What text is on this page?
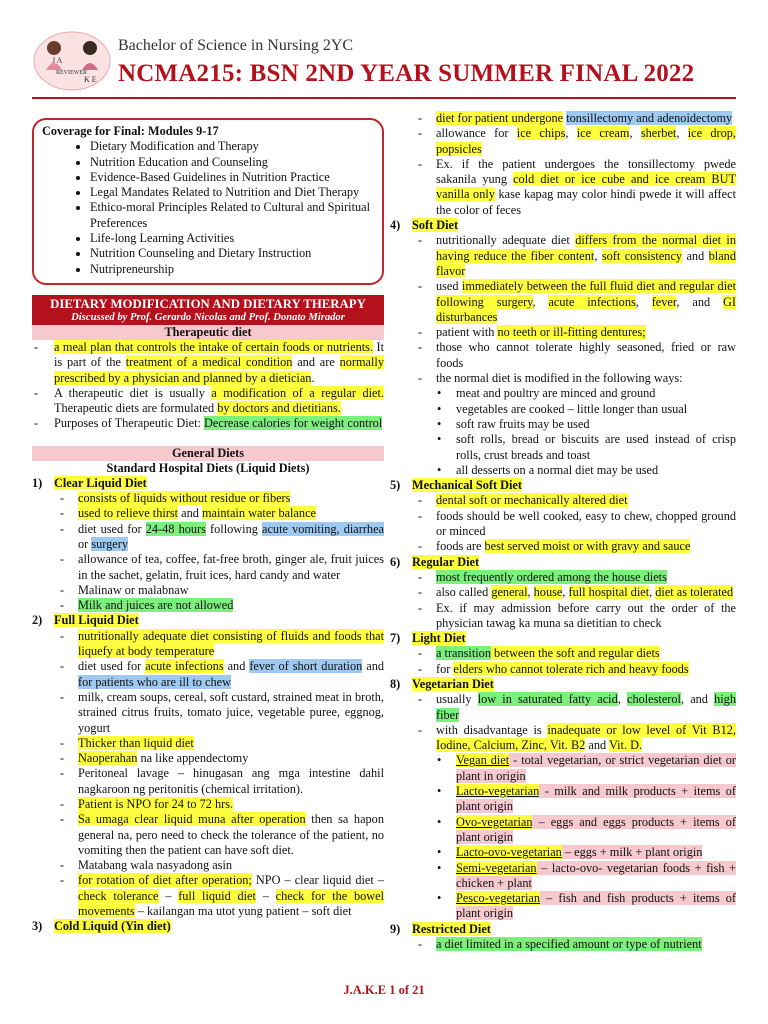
J A
REVIEWER
K E
Bachelor of Science in Nursing 2YC
NCMA215: BSN 2ND YEAR SUMMER FINAL 2022
Coverage for Final: Modules 9-17
• Dietary Modification and Therapy
• Nutrition Education and Counseling
• Evidence-Based Guidelines in Nutrition Practice
• Legal Mandates Related to Nutrition and Diet Therapy
• Ethico-moral Principles Related to Cultural and Spiritual Preferences
• Life-long Learning Activities
• Nutrition Counseling and Dietary Instruction
• Nutripreneurship
DIETARY MODIFICATION AND DIETARY THERAPY
Discussed by Prof. Gerardo Nicolas and Prof. Donato Mirador
Therapeutic diet
- a meal plan that controls the intake of certain foods or nutrients. It is part of the treatment of a medical condition and are normally prescribed by a physician and planned by a dietician.
- A therapeutic diet is usually a modification of a regular diet. Therapeutic diets are formulated by doctors and dietitians.
- Purposes of Therapeutic Diet: Decrease calories for weight control
General Diets
Standard Hospital Diets (Liquid Diets)
1) Clear Liquid Diet
- consists of liquids without residue or fibers
- used to relieve thirst and maintain water balance
- diet used for 24-48 hours following acute vomiting, diarrhea or surgery
- allowance of tea, coffee, fat-free broth, ginger ale, fruit juices in the sachet, gelatin, fruit ices, hard candy and water
- Malinaw or malabnaw
- Milk and juices are not allowed
2) Full Liquid Diet
- nutritionally adequate diet consisting of fluids and foods that liquefy at body temperature
- diet used for acute infections and fever of short duration and for patients who are ill to chew
- milk, cream soups, cereal, soft custard, strained meat in broth, strained citrus fruits, tomato juice, vegetable puree, eggnog, yogurt
- Thicker than liquid diet
- Naoperahan na like appendectomy
- Peritoneal lavage – hinugasan ang mga intestine dahil nagkaroon ng peritonitis (chemical irritation).
- Patient is NPO for 24 to 72 hrs.
- Sa umaga clear liquid muna after operation then sa hapon general na, pero need to check the tolerance of the patient, no vomiting then the patient can have soft diet.
- Matabang wala nasyadong asin
- for rotation of diet after operation; NPO – clear liquid diet – check tolerance – full liquid diet – check for the bowel movements – kailangan ma utot yung patient – soft diet
3) Cold Liquid (Yin diet)
- diet for patient undergone tonsillectomy and adenoidectomy
- allowance for ice chips, ice cream, sherbet, ice drop, popsicles
- Ex. if the patient undergoes the tonsillectomy pwede sakanila yung cold diet or ice cube and ice cream BUT vanilla only kase kapag may color hindi pwede it will affect the color of feces
4) Soft Diet
- nutritionally adequate diet differs from the normal diet in having reduce the fiber content, soft consistency and bland flavor
- used immediately between the full fluid diet and regular diet following surgery, acute infections, fever, and GI disturbances
- patient with no teeth or ill-fitting dentures;
- those who cannot tolerate highly seasoned, fried or raw foods
- the normal diet is modified in the following ways:
• meat and poultry are minced and ground
• vegetables are cooked – little longer than usual
• soft raw fruits may be used
• soft rolls, bread or biscuits are used instead of crisp rolls, crust breads and toast
• all desserts on a normal diet may be used
5) Mechanical Soft Diet
- dental soft or mechanically altered diet
- foods should be well cooked, easy to chew, chopped ground or minced
- foods are best served moist or with gravy and sauce
6) Regular Diet
- most frequently ordered among the house diets
- also called general, house, full hospital diet, diet as tolerated
- Ex. if may admission before carry out the order of the physician tawag ka muna sa dietitian to check
7) Light Diet
- a transition between the soft and regular diets
- for elders who cannot tolerate rich and heavy foods
8) Vegetarian Diet
- usually low in saturated fatty acid, cholesterol, and high fiber
- with disadvantage is inadequate or low level of Vit B12, Iodine, Calcium, Zinc, Vit. B2 and Vit. D.
• Vegan diet - total vegetarian, or strict vegetarian diet or plant in origin
• Lacto-vegetarian - milk and milk products + items of plant origin
• Ovo-vegetarian – eggs and eggs products + items of plant origin
• Lacto-ovo-vegetarian – eggs + milk + plant origin
• Semi-vegetarian – lacto-ovo- vegetarian foods + fish + chicken + plant
• Pesco-vegetarian – fish and fish products + items of plant origin
9) Restricted Diet
- a diet limited in a specified amount or type of nutrient
J.A.K.E 1 of 21
